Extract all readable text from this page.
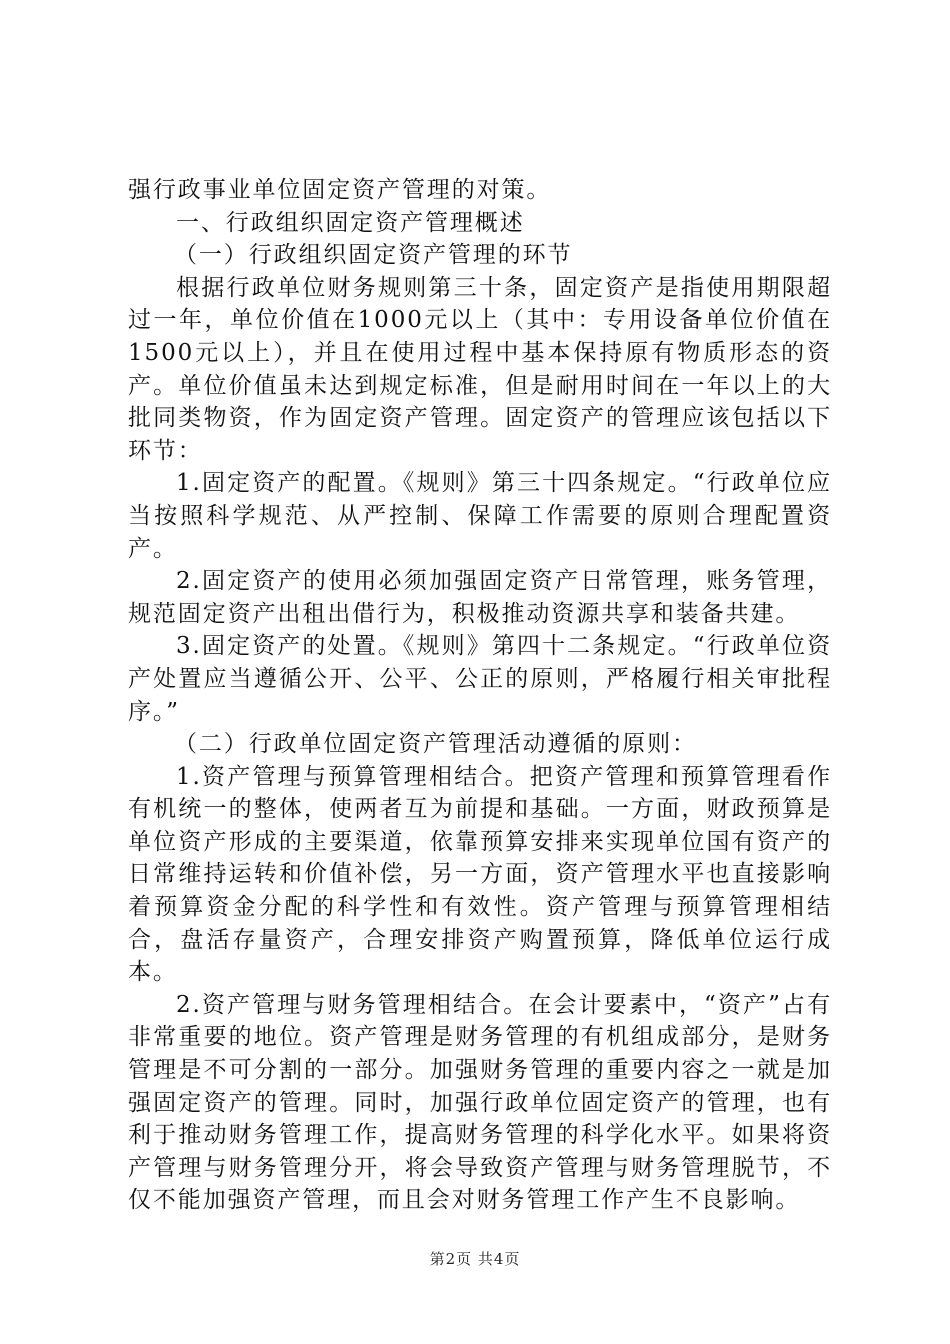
强行政事业单位固定资产管理的对策。

一、行政组织固定资产管理概述

（一）行政组织固定资产管理的环节

根据行政单位财务规则第三十条，固定资产是指使用期限超过一年，单位价值在1000元以上（其中：专用设备单位价值在1500元以上），并且在使用过程中基本保持原有物质形态的资产。单位价值虽未达到规定标准，但是耐用时间在一年以上的大批同类物资，作为固定资产管理。固定资产的管理应该包括以下环节：

1.固定资产的配置。《规则》第三十四条规定。“行政单位应当按照科学规范、从严控制、保障工作需要的原则合理配置资产。

2.固定资产的使用必须加强固定资产日常管理，账务管理，规范固定资产出租出借行为，积极推动资源共享和装备共建。

3.固定资产的处置。《规则》第四十二条规定。“行政单位资产处置应当遵循公开、公平、公正的原则，严格履行相关审批程序。”

（二）行政单位固定资产管理活动遵循的原则：

1.资产管理与预算管理相结合。把资产管理和预算管理看作有机统一的整体，使两者互为前提和基础。一方面，财政预算是单位资产形成的主要渠道，依靠预算安排来实现单位国有资产的日常维持运转和价值补偿，另一方面，资产管理水平也直接影响着预算资金分配的科学性和有效性。资产管理与预算管理相结合，盘活存量资产，合理安排资产购置预算，降低单位运行成本。

2.资产管理与财务管理相结合。在会计要素中，“资产”占有非常重要的地位。资产管理是财务管理的有机组成部分，是财务管理是不可分割的一部分。加强财务管理的重要内容之一就是加强固定资产的管理。同时，加强行政单位固定资产的管理，也有利于推动财务管理工作，提高财务管理的科学化水平。如果将资产管理与财务管理分开，将会导致资产管理与财务管理脱节，不仅不能加强资产管理，而且会对财务管理工作产生不良影响。

第2页 共4页
